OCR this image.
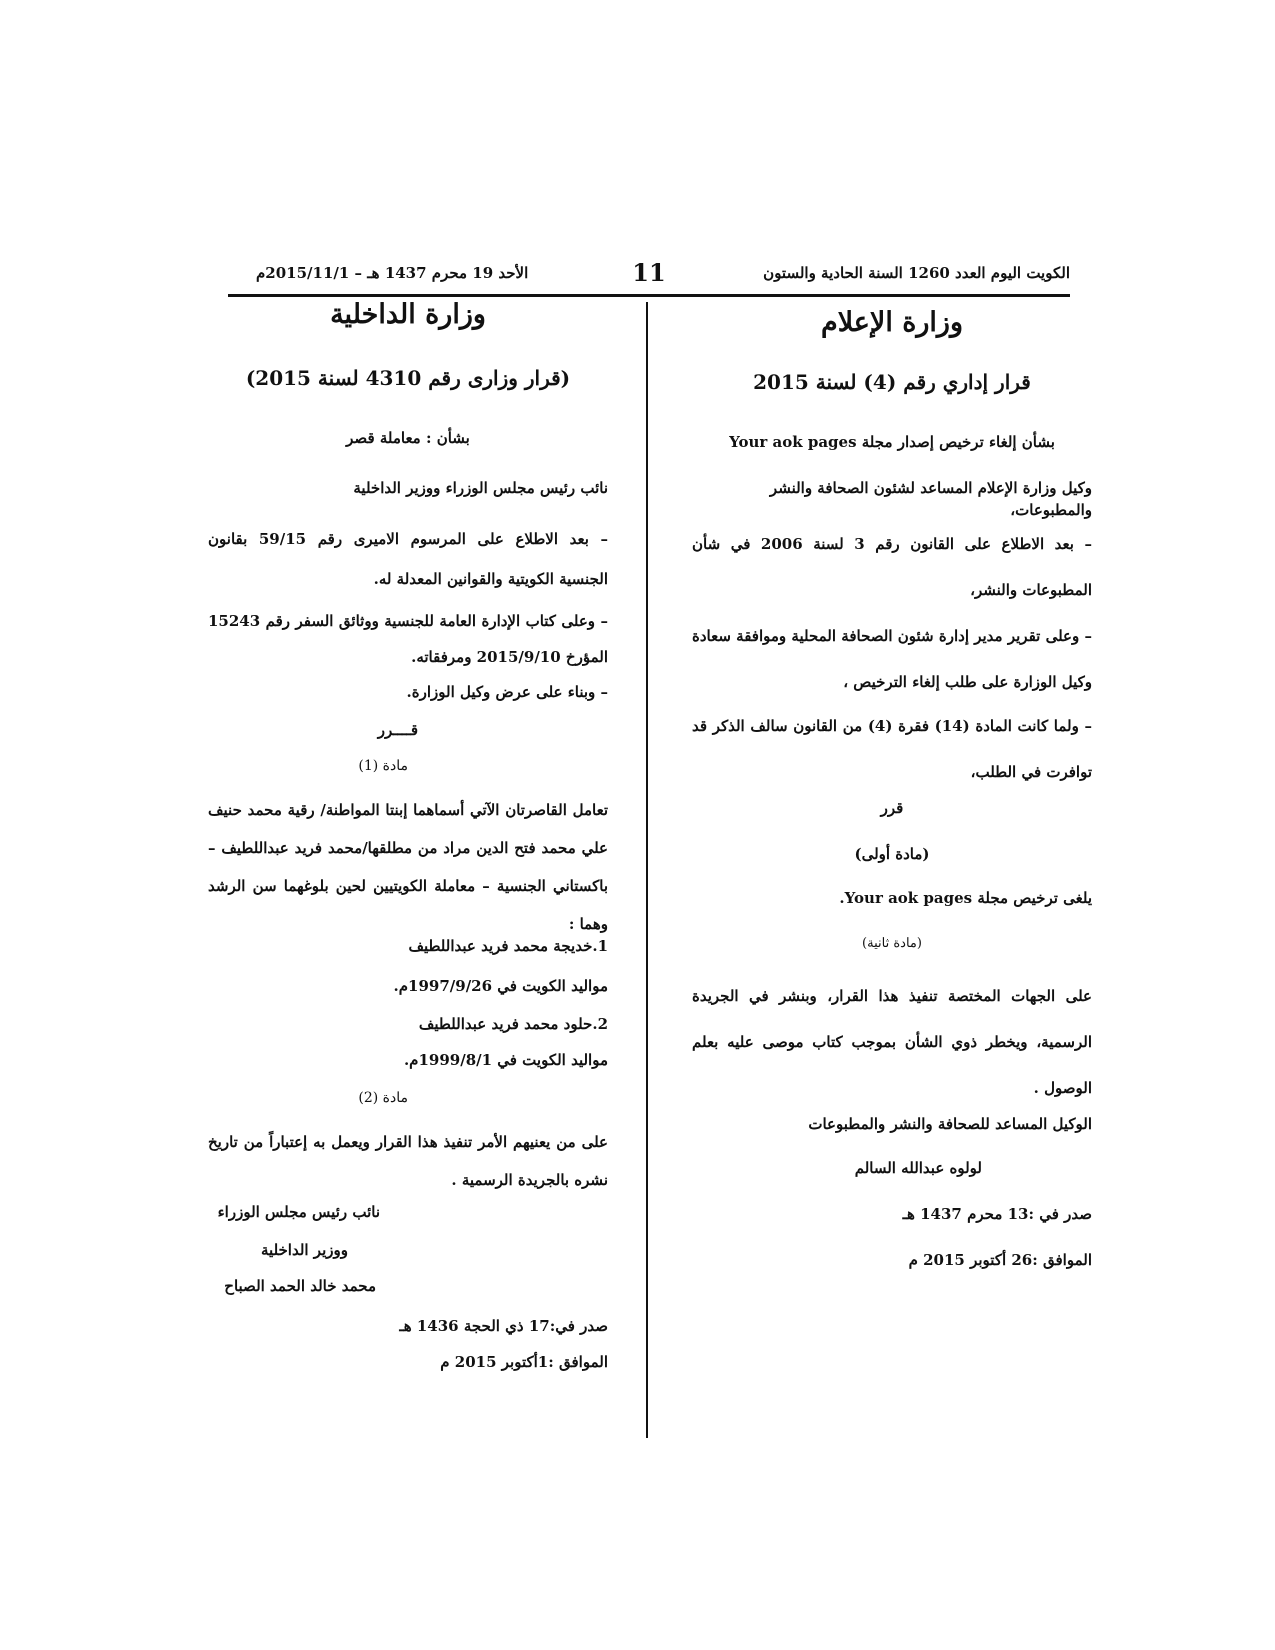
الكويت اليوم العدد 1260 السنة الحادية والستون
11
الأحد 19 محرم 1437 هـ – 2015/11/1م

وزارة الإعلام

قرار إداري رقم (4) لسنة 2015

بشأن إلغاء ترخيص إصدار مجلة Your aok pages

وكيل وزارة الإعلام المساعد لشئون الصحافة والنشر والمطبوعات،

– بعد الاطلاع على القانون رقم 3 لسنة 2006 في شأن المطبوعات والنشر،

– وعلى تقرير مدير إدارة شئون الصحافة المحلية وموافقة سعادة وكيل الوزارة على طلب إلغاء الترخيص ،

– ولما كانت المادة (14) فقرة (4) من القانون سالف الذكر قد توافرت في الطلب،

قرر

(مادة أولى)

يلغى ترخيص مجلة Your aok pages.

(مادة ثانية)

على الجهات المختصة تنفيذ هذا القرار، وبنشر في الجريدة الرسمية، ويخطر ذوي الشأن بموجب كتاب موصى عليه بعلم الوصول .

الوكيل المساعد للصحافة والنشر والمطبوعات

لولوه عبدالله السالم

صدر في :13 محرم 1437 هـ

الموافق :26 أكتوبر 2015 م

وزارة الداخلية

(قرار وزارى رقم 4310 لسنة 2015)

بشأن : معاملة قصر

نائب رئيس مجلس الوزراء ووزير الداخلية

– بعد الاطلاع على المرسوم الاميرى رقم 59/15 بقانون الجنسية الكويتية والقوانين المعدلة له.

– وعلى كتاب الإدارة العامة للجنسية ووثائق السفر رقم 15243 المؤرخ 2015/9/10 ومرفقاته.

– وبناء على عرض وكيل الوزارة.

قــــرر

مادة (1)

تعامل القاصرتان الآتي أسماهما إبنتا المواطنة/ رقية محمد حنيف علي محمد فتح الدين مراد من مطلقها/محمد فريد عبداللطيف – باكستاني الجنسية – معاملة الكويتيين لحين بلوغهما سن الرشد وهما :

1.خديجة محمد فريد عبداللطيف

مواليد الكويت في 1997/9/26م.

2.حلود محمد فريد عبداللطيف

مواليد الكويت في 1999/8/1م.

مادة (2)

على من يعنيهم الأمر تنفيذ هذا القرار ويعمل به إعتباراً من تاريخ نشره بالجريدة الرسمية .

نائب رئيس مجلس الوزراء

ووزير الداخلية

محمد خالد الحمد الصباح

صدر في:17 ذي الحجة 1436 هـ

الموافق :1أكتوبر 2015 م
